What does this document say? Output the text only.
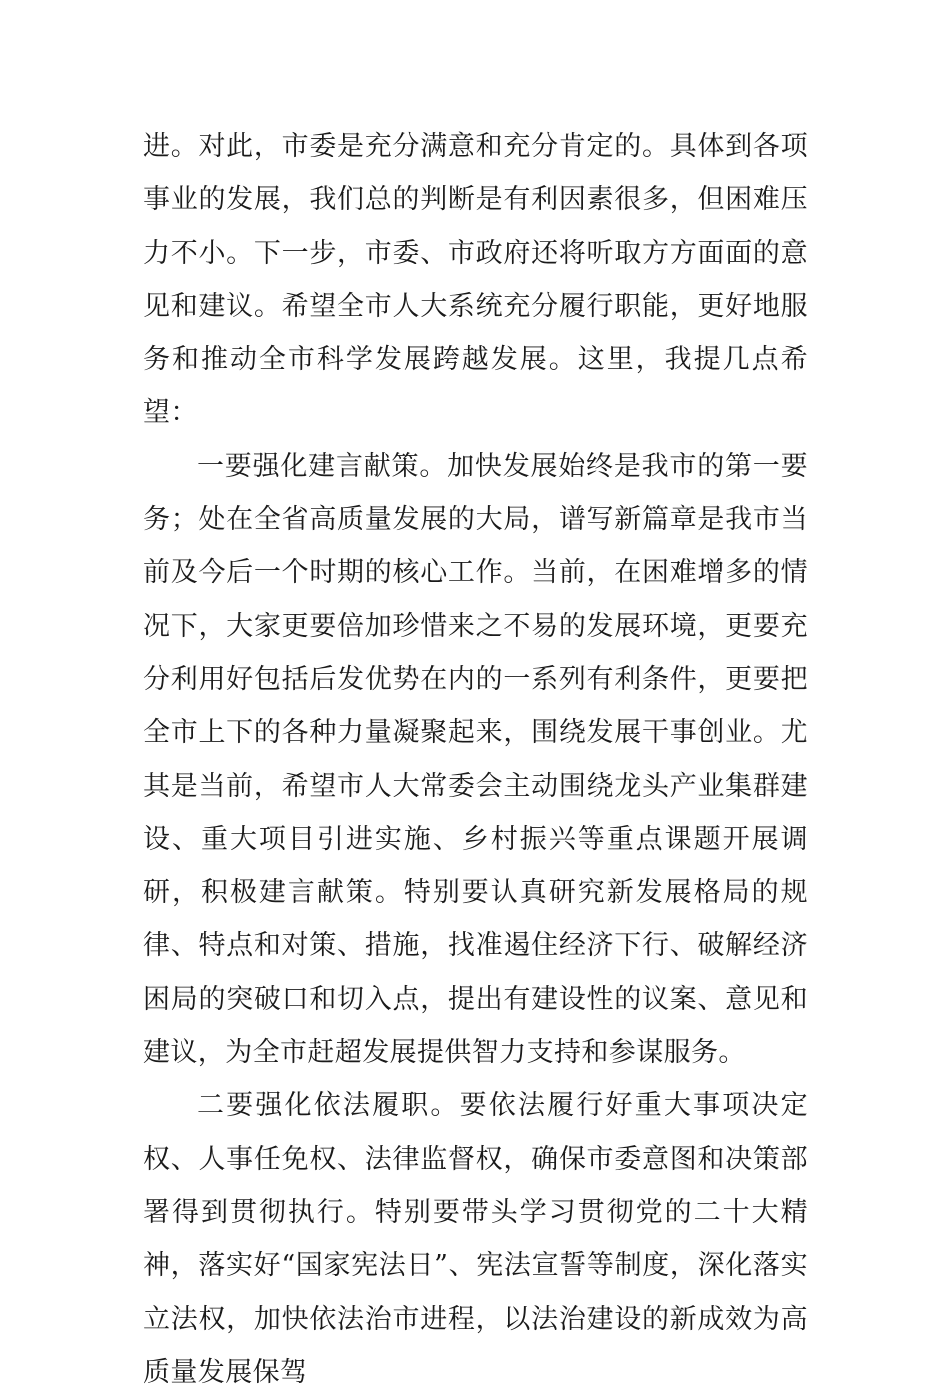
进。对此，市委是充分满意和充分肯定的。具体到各项事业的发展，我们总的判断是有利因素很多，但困难压力不小。下一步，市委、市政府还将听取方方面面的意见和建议。希望全市人大系统充分履行职能，更好地服务和推动全市科学发展跨越发展。这里，我提几点希望：

一要强化建言献策。加快发展始终是我市的第一要务；处在全省高质量发展的大局，谱写新篇章是我市当前及今后一个时期的核心工作。当前，在困难增多的情况下，大家更要倍加珍惜来之不易的发展环境，更要充分利用好包括后发优势在内的一系列有利条件，更要把全市上下的各种力量凝聚起来，围绕发展干事创业。尤其是当前，希望市人大常委会主动围绕龙头产业集群建设、重大项目引进实施、乡村振兴等重点课题开展调研，积极建言献策。特别要认真研究新发展格局的规律、特点和对策、措施，找准遏住经济下行、破解经济困局的突破口和切入点，提出有建设性的议案、意见和建议，为全市赶超发展提供智力支持和参谋服务。

二要强化依法履职。要依法履行好重大事项决定权、人事任免权、法律监督权，确保市委意图和决策部署得到贯彻执行。特别要带头学习贯彻党的二十大精神，落实好“国家宪法日”、宪法宣誓等制度，深化落实立法权，加快依法治市进程，以法治建设的新成效为高质量发展保驾
